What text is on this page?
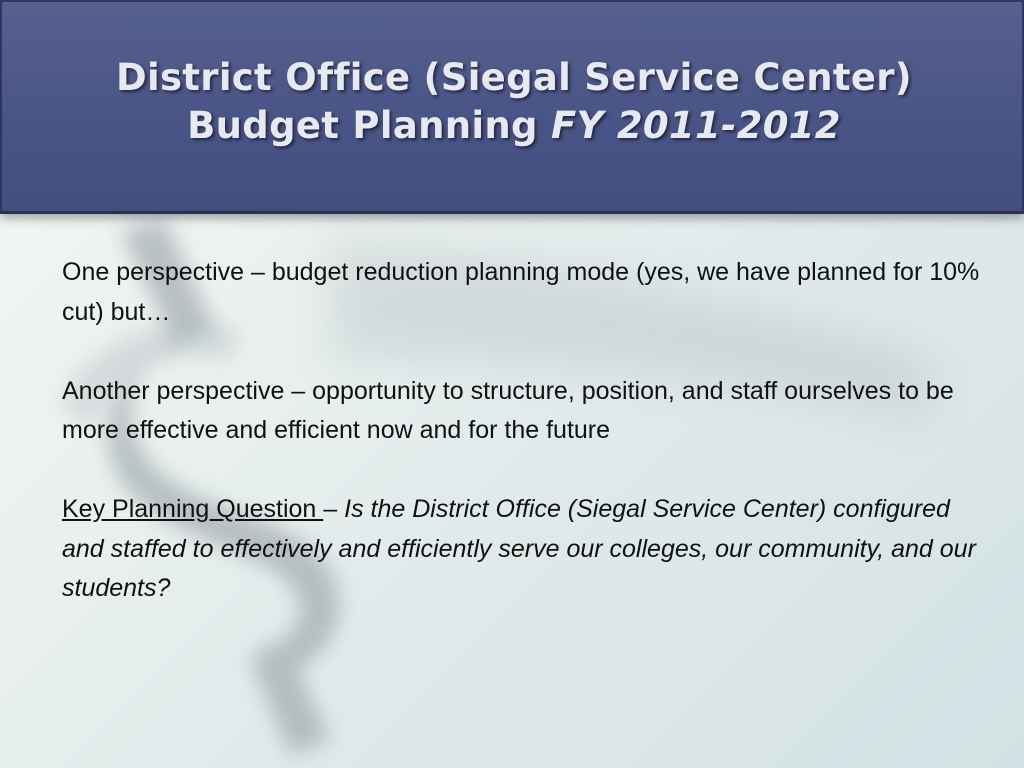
District Office (Siegal Service Center)
Budget Planning FY 2011-2012

One perspective – budget reduction planning mode (yes, we have planned for 10% cut) but…

Another perspective – opportunity to structure, position, and staff ourselves to be more effective and efficient now and for the future

Key Planning Question – Is the District Office (Siegal Service Center) configured and staffed to effectively and efficiently serve our colleges, our community, and our students?
